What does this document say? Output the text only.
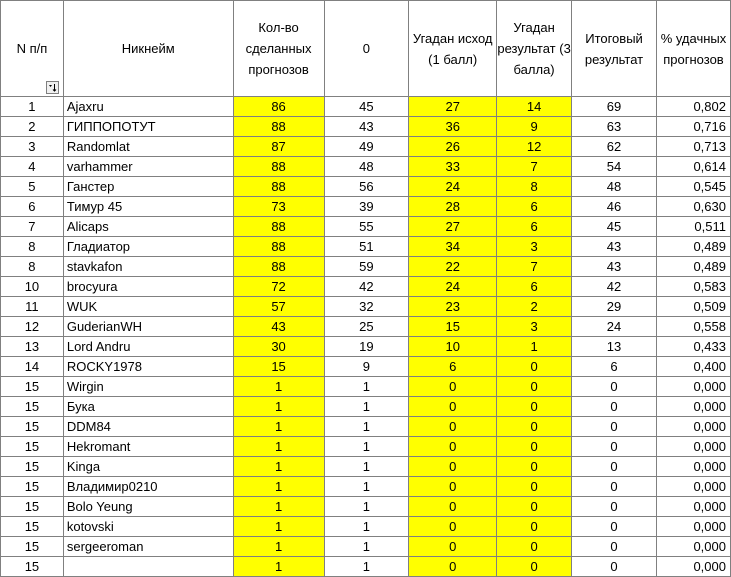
N п/п	Никнейм	Кол-во сделанных прогнозов	0	Угадан исход (1 балл)	Угадан результат (3 балла)	Итоговый результат	% удачных прогнозов
1	Ajaxru	86	45	27	14	69	0,802
2	ГИППОПОТУТ	88	43	36	9	63	0,716
3	Randomlat	87	49	26	12	62	0,713
4	varhammer	88	48	33	7	54	0,614
5	Ганстер	88	56	24	8	48	0,545
6	Тимур 45	73	39	28	6	46	0,630
7	Alicaps	88	55	27	6	45	0,511
8	Гладиатор	88	51	34	3	43	0,489
8	stavkafon	88	59	22	7	43	0,489
10	brocyura	72	42	24	6	42	0,583
11	WUK	57	32	23	2	29	0,509
12	GuderianWH	43	25	15	3	24	0,558
13	Lord Andru	30	19	10	1	13	0,433
14	ROCKY1978	15	9	6	0	6	0,400
15	Wirgin	1	1	0	0	0	0,000
15	Бука	1	1	0	0	0	0,000
15	DDM84	1	1	0	0	0	0,000
15	Hekromant	1	1	0	0	0	0,000
15	Kinga	1	1	0	0	0	0,000
15	Владимир0210	1	1	0	0	0	0,000
15	Bolo Yeung	1	1	0	0	0	0,000
15	kotovski	1	1	0	0	0	0,000
15	sergeeroman	1	1	0	0	0	0,000
15		1	1	0	0	0	0,000
